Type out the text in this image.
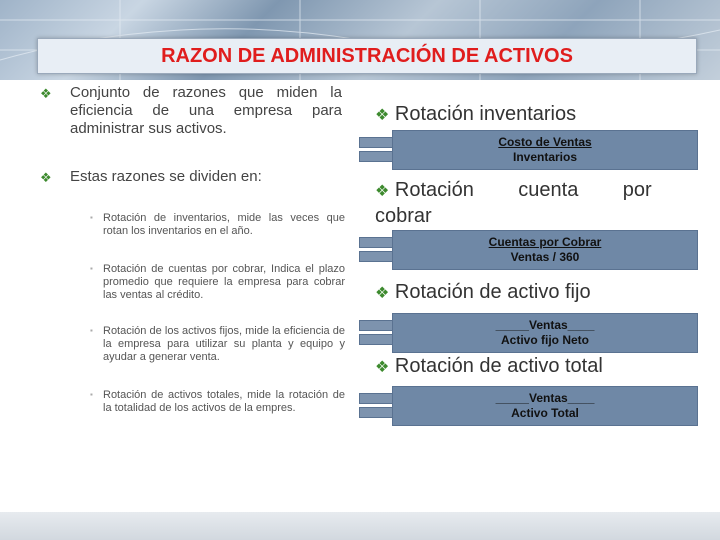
RAZON DE ADMINISTRACIÓN DE ACTIVOS
❖ Conjunto de razones que miden la eficiencia de una empresa para administrar sus activos.
❖ Estas razones se dividen en:
▪ Rotación de inventarios, mide las veces que rotan los inventarios en el año.
▪ Rotación de cuentas por cobrar, Indica el plazo promedio que requiere la empresa para cobrar las ventas al crédito.
▪ Rotación de los activos fijos, mide la eficiencia de la empresa para utilizar su planta y equipo y ayudar a generar venta.
▪ Rotación de activos totales, mide la rotación de la totalidad de los activos de la empres.
❖ Rotación inventarios
Costo de Ventas
Inventarios
❖ Rotación        cuenta        por cobrar
Cuentas por Cobrar
Ventas / 360
❖ Rotación de activo fijo
_____Ventas____
Activo fijo Neto
❖ Rotación de activo total
_____Ventas____
Activo Total
